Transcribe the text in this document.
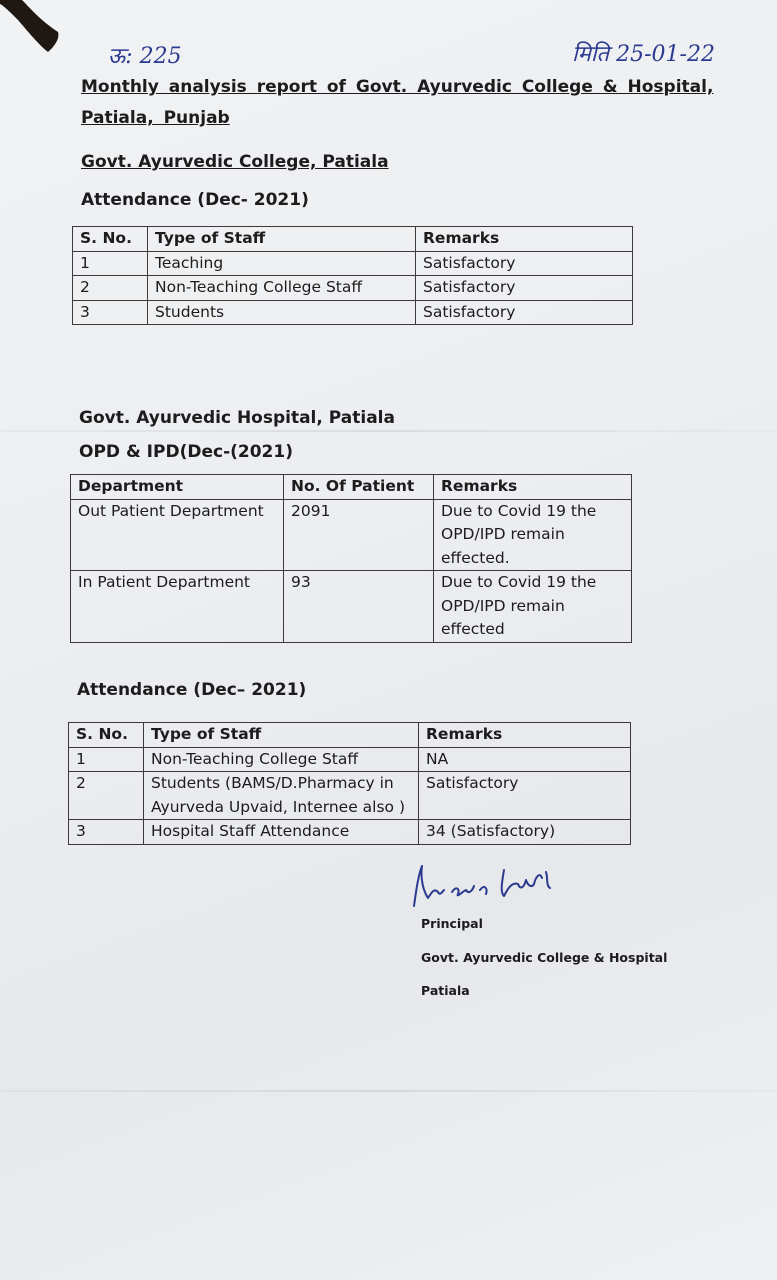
ऊ: 225	मिति 25-01-22
Monthly analysis report of Govt. Ayurvedic College & Hospital, Patiala, Punjab
Govt. Ayurvedic College, Patiala
Attendance (Dec- 2021)
S. No.	Type of Staff	Remarks
1	Teaching	Satisfactory
2	Non-Teaching College Staff	Satisfactory
3	Students	Satisfactory
Govt. Ayurvedic Hospital, Patiala
OPD & IPD(Dec-(2021)
Department	No. Of Patient	Remarks
Out Patient Department	2091	Due to Covid 19 the OPD/IPD remain effected.
In Patient Department	93	Due to Covid 19 the OPD/IPD remain effected
Attendance (Dec– 2021)
S. No.	Type of Staff	Remarks
1	Non-Teaching College Staff	NA
2	Students (BAMS/D.Pharmacy in Ayurveda Upvaid, Internee also )	Satisfactory
3	Hospital Staff Attendance	34 (Satisfactory)
Principal
Govt. Ayurvedic College & Hospital
Patiala
